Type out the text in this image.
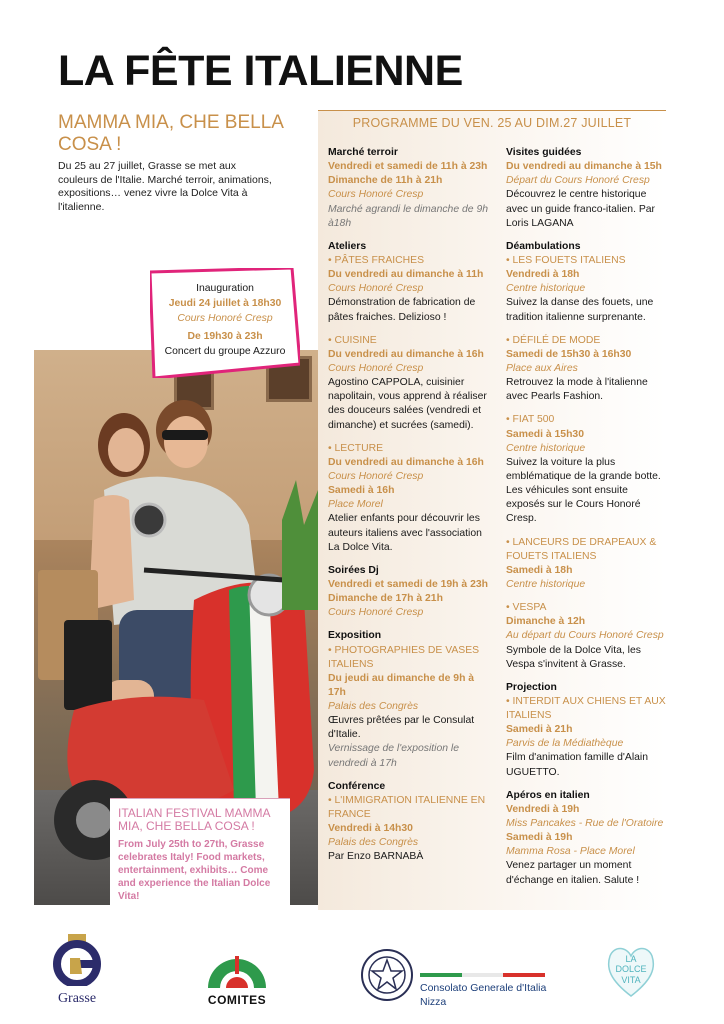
LA FÊTE ITALIENNE
MAMMA MIA, CHE BELLA COSA !
Du 25 au 27 juillet, Grasse se met aux couleurs de l'Italie. Marché terroir, animations, expositions… venez vivre la Dolce Vita à l'italienne.
PROGRAMME DU VEN. 25 AU DIM.27 JUILLET
Marché terroir
Vendredi et samedi de 11h à 23h
Dimanche de 11h à 21h
Cours Honoré Cresp
Marché agrandi le dimanche de 9h à18h
Ateliers
• PÂTES FRAICHES
Du vendredi au dimanche à 11h
Cours Honoré Cresp
Démonstration de fabrication de pâtes fraiches. Delizioso !
• CUISINE
Du vendredi au dimanche à 16h
Cours Honoré Cresp
Agostino CAPPOLA, cuisinier napolitain, vous apprend à réaliser des douceurs salées (vendredi et dimanche) et sucrées (samedi).
• LECTURE
Du vendredi au dimanche à 16h
Cours Honoré Cresp
Samedi à 16h
Place Morel
Atelier enfants pour découvrir les auteurs italiens avec l'association La Dolce Vita.
Soirées Dj
Vendredi et samedi de 19h à 23h
Dimanche de 17h à 21h
Cours Honoré Cresp
Exposition
• PHOTOGRAPHIES DE VASES ITALIENS
Du jeudi au dimanche de 9h à 17h
Palais des Congrès
Œuvres prêtées par le Consulat d'Italie.
Vernissage de l'exposition le vendredi à 17h
Conférence
• L'IMMIGRATION ITALIENNE EN FRANCE
Vendredi à 14h30
Palais des Congrès
Par Enzo BARNABÀ
Visites guidées
Du vendredi au dimanche à 15h
Départ du Cours Honoré Cresp
Découvrez le centre historique avec un guide franco-italien. Par Loris LAGANA
Déambulations
• LES FOUETS ITALIENS
Vendredi à 18h
Centre historique
Suivez la danse des fouets, une tradition italienne surprenante.
• DÉFILÉ DE MODE
Samedi de 15h30 à 16h30
Place aux Aires
Retrouvez la mode à l'italienne avec Pearls Fashion.
• FIAT 500
Samedi à 15h30
Centre historique
Suivez la voiture la plus emblématique de la grande botte. Les véhicules sont ensuite exposés sur le Cours Honoré Cresp.
• LANCEURS DE DRAPEAUX & FOUETS ITALIENS
Samedi à 18h
Centre historique
• VESPA
Dimanche à 12h
Au départ du Cours Honoré Cresp
Symbole de la Dolce Vita, les Vespa s'invitent à Grasse.
Projection
• INTERDIT AUX CHIENS ET AUX ITALIENS
Samedi à 21h
Parvis de la Médiathèque
Film d'animation famille d'Alain UGUETTO.
Apéros en italien
Vendredi à 19h
Miss Pancakes - Rue de l'Oratoire
Samedi à 19h
Mamma Rosa - Place Morel
Venez partager un moment d'échange en italien. Salute !
Inauguration
Jeudi 24 juillet à 18h30
Cours Honoré Cresp
De 19h30 à 23h
Concert du groupe Azzuro
ITALIAN FESTIVAL MAMMA MIA, CHE BELLA COSA !
From July 25th to 27th, Grasse celebrates Italy! Food markets, entertainment, exhibits… Come and experience the Italian Dolce Vita!
Grasse	COMITES
Consolato Generale d'Italia
Nizza
LA
DOLCE
VITA
